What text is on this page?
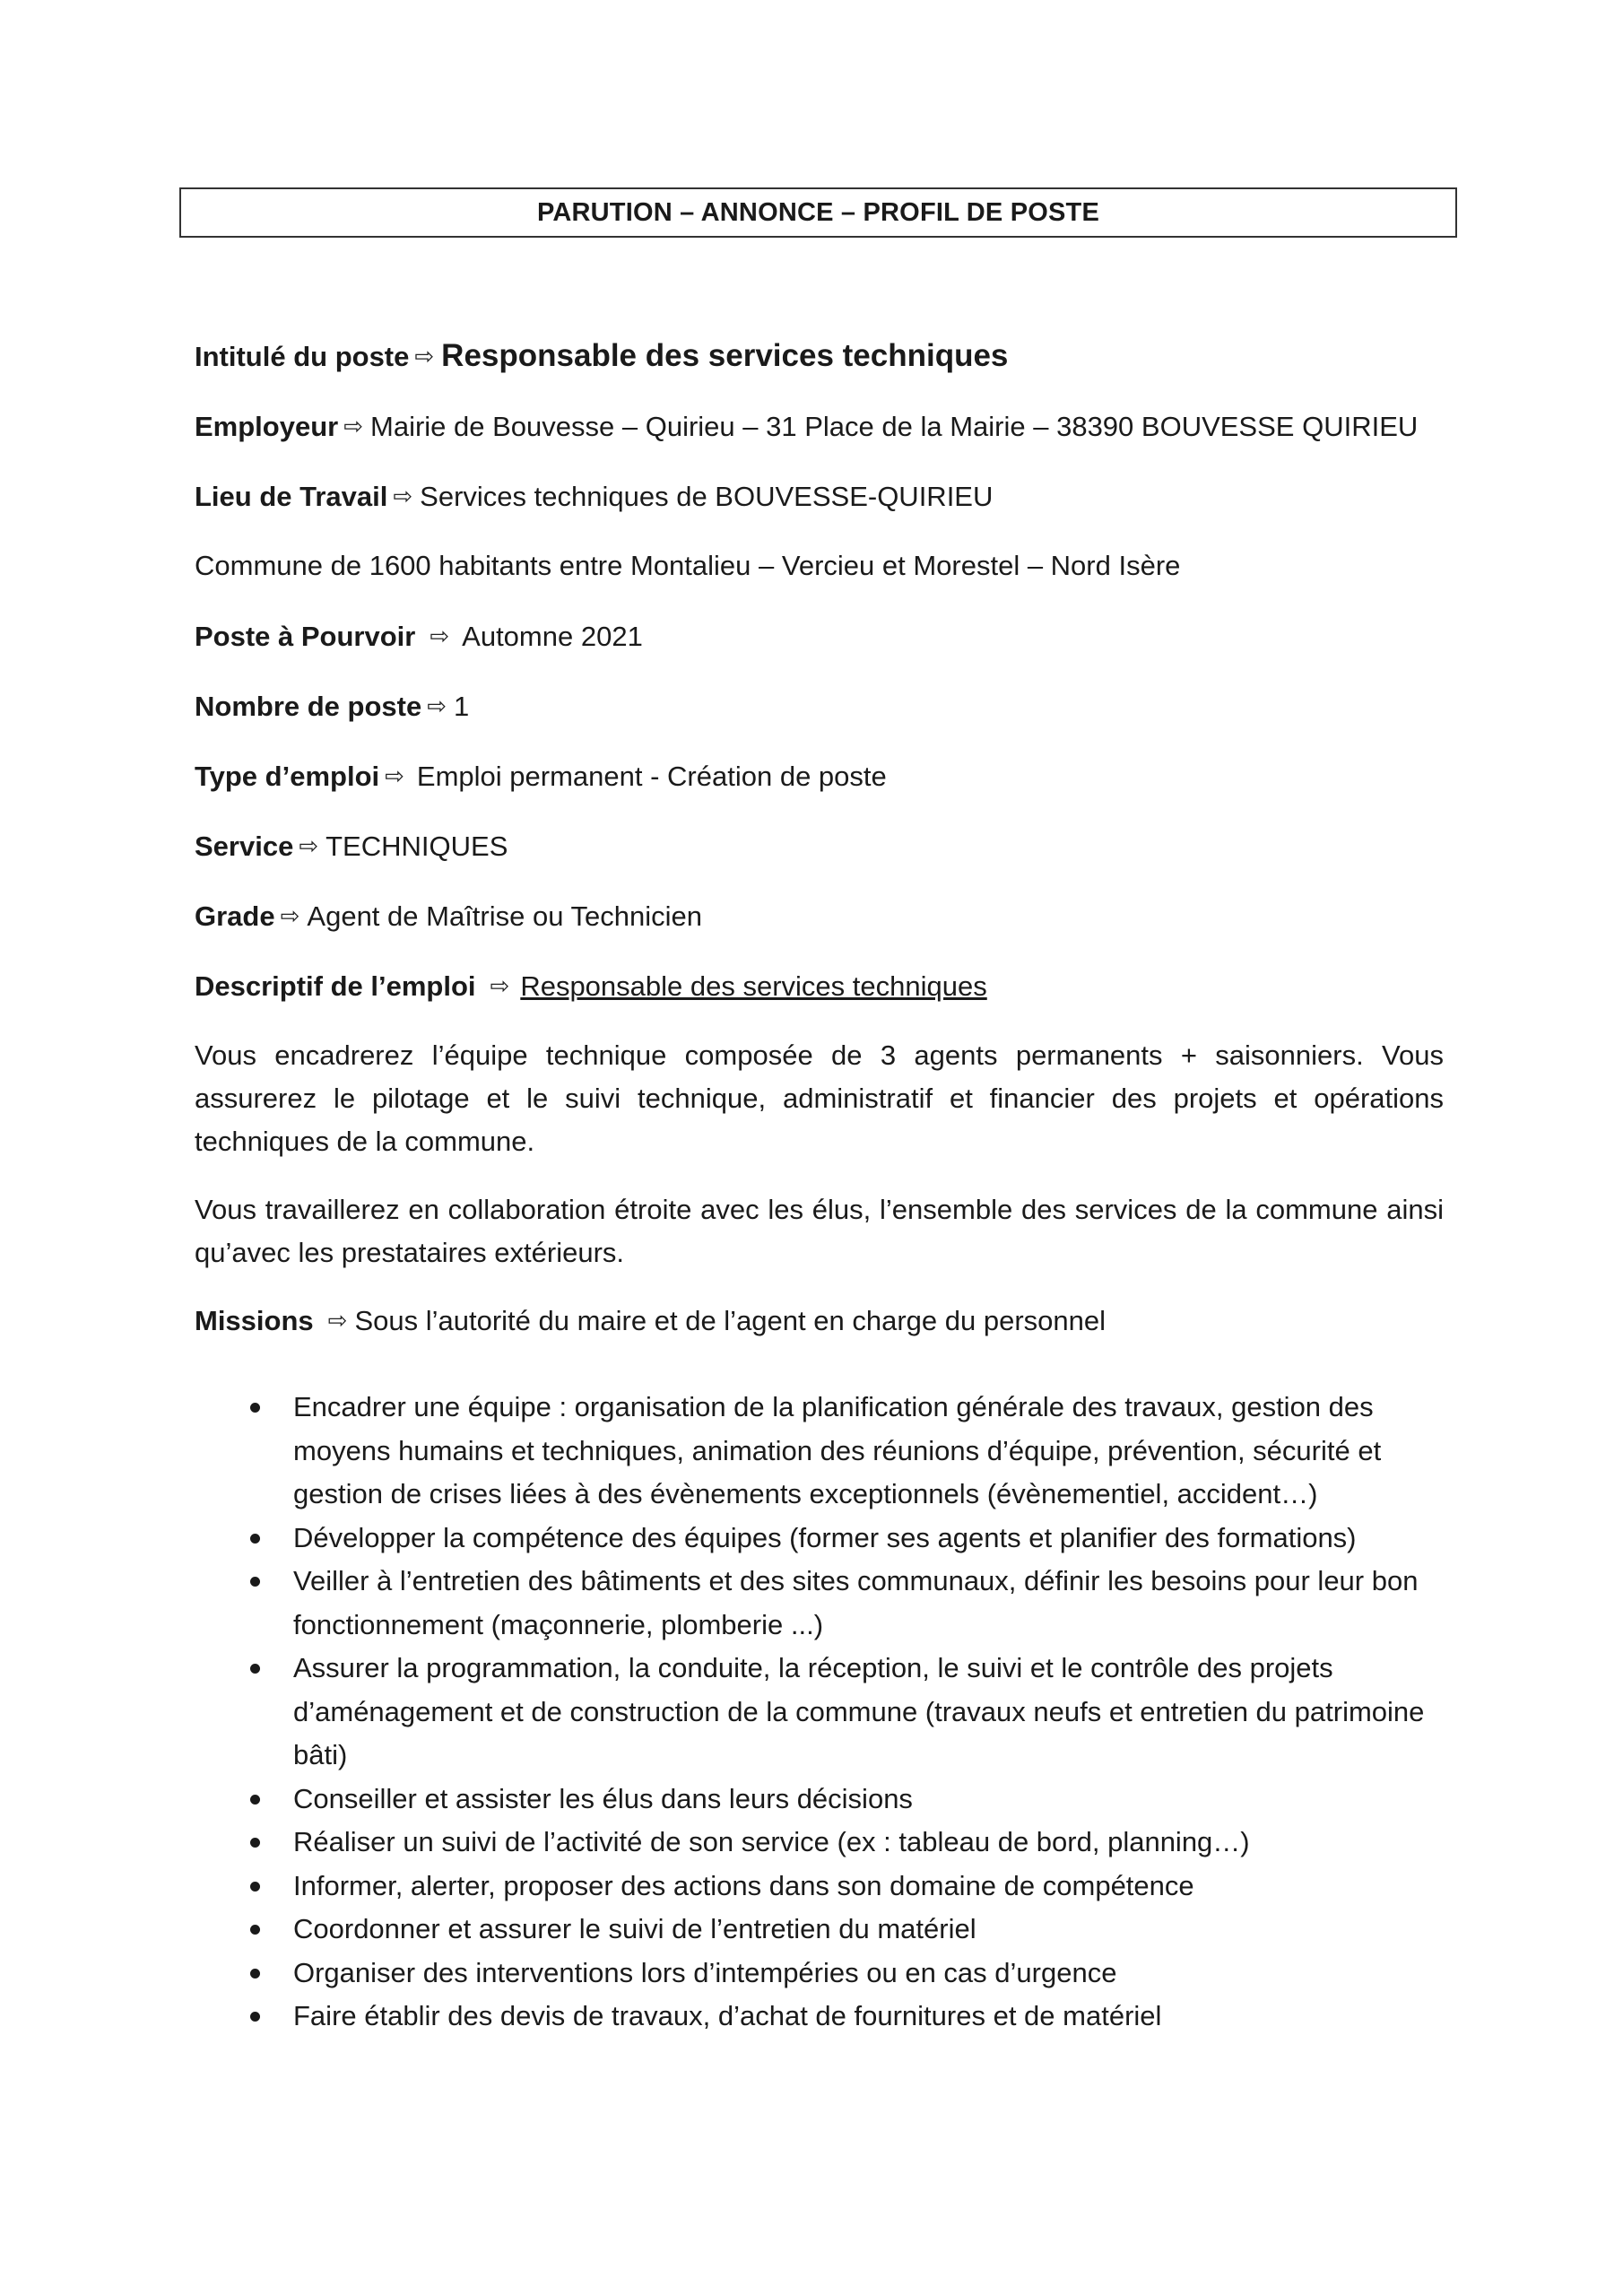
PARUTION – ANNONCE – PROFIL DE POSTE
Intitulé du poste ⇨ Responsable des services techniques
Employeur ⇨ Mairie de Bouvesse – Quirieu – 31 Place de la Mairie – 38390 BOUVESSE QUIRIEU
Lieu de Travail ⇨ Services techniques de BOUVESSE-QUIRIEU
Commune de 1600 habitants entre Montalieu – Vercieu et Morestel – Nord Isère
Poste à Pourvoir ⇨ Automne 2021
Nombre de poste ⇨ 1
Type d’emploi ⇨ Emploi permanent - Création de poste
Service ⇨ TECHNIQUES
Grade ⇨ Agent de Maîtrise ou Technicien
Descriptif de l’emploi ⇨ Responsable des services techniques

Vous encadrerez l’équipe technique composée de 3 agents permanents + saisonniers. Vous assurerez le pilotage et le suivi technique, administratif et financier des projets et opérations techniques de la commune.

Vous travaillerez en collaboration étroite avec les élus, l’ensemble des services de la commune ainsi qu’avec les prestataires extérieurs.

Missions ⇨ Sous l’autorité du maire et de l’agent en charge du personnel
Encadrer une équipe : organisation de la planification générale des travaux, gestion des moyens humains et techniques, animation des réunions d’équipe, prévention, sécurité et gestion de crises liées à des évènements exceptionnels (évènementiel, accident…)
Développer la compétence des équipes (former ses agents et planifier des formations)
Veiller à l’entretien des bâtiments et des sites communaux, définir les besoins pour leur bon fonctionnement (maçonnerie, plomberie ...)
Assurer la programmation, la conduite, la réception, le suivi et le contrôle des projets d’aménagement et de construction de la commune (travaux neufs et entretien du patrimoine bâti)
Conseiller et assister les élus dans leurs décisions
Réaliser un suivi de l’activité de son service (ex : tableau de bord, planning…)
Informer, alerter, proposer des actions dans son domaine de compétence
Coordonner et assurer le suivi de l’entretien du matériel
Organiser des interventions lors d’intempéries ou en cas d’urgence
Faire établir des devis de travaux, d’achat de fournitures et de matériel
